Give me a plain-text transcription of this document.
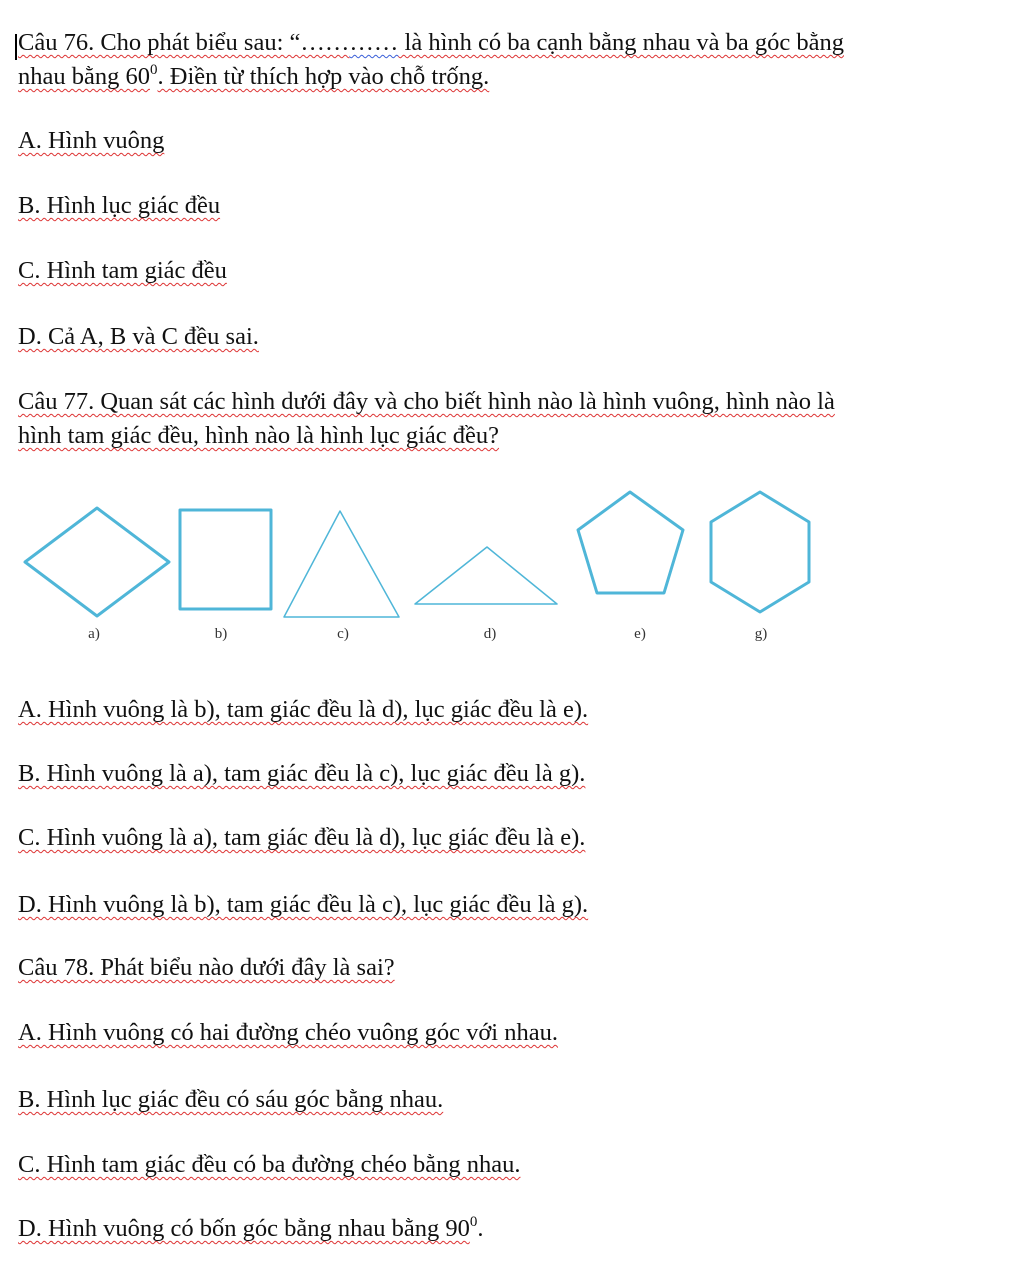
Câu 76. Cho phát biểu sau: “………… là hình có ba cạnh bằng nhau và ba góc bằng
nhau bằng $60^0$. Điền từ thích hợp vào chỗ trống.
A. Hình vuông
B. Hình lục giác đều
C. Hình tam giác đều
D. Cả A, B và C đều sai.
Câu 77. Quan sát các hình dưới đây và cho biết hình nào là hình vuông, hình nào là
hình tam giác đều, hình nào là hình lục giác đều?
a)	b)	c)	d)	e)	g)
A. Hình vuông là b), tam giác đều là d), lục giác đều là e).
B. Hình vuông là a), tam giác đều là c), lục giác đều là g).
C. Hình vuông là a), tam giác đều là d), lục giác đều là e).
D. Hình vuông là b), tam giác đều là c), lục giác đều là g).
Câu 78. Phát biểu nào dưới đây là sai?
A. Hình vuông có hai đường chéo vuông góc với nhau.
B. Hình lục giác đều có sáu góc bằng nhau.
C. Hình tam giác đều có ba đường chéo bằng nhau.
D. Hình vuông có bốn góc bằng nhau bằng $90^0$.
